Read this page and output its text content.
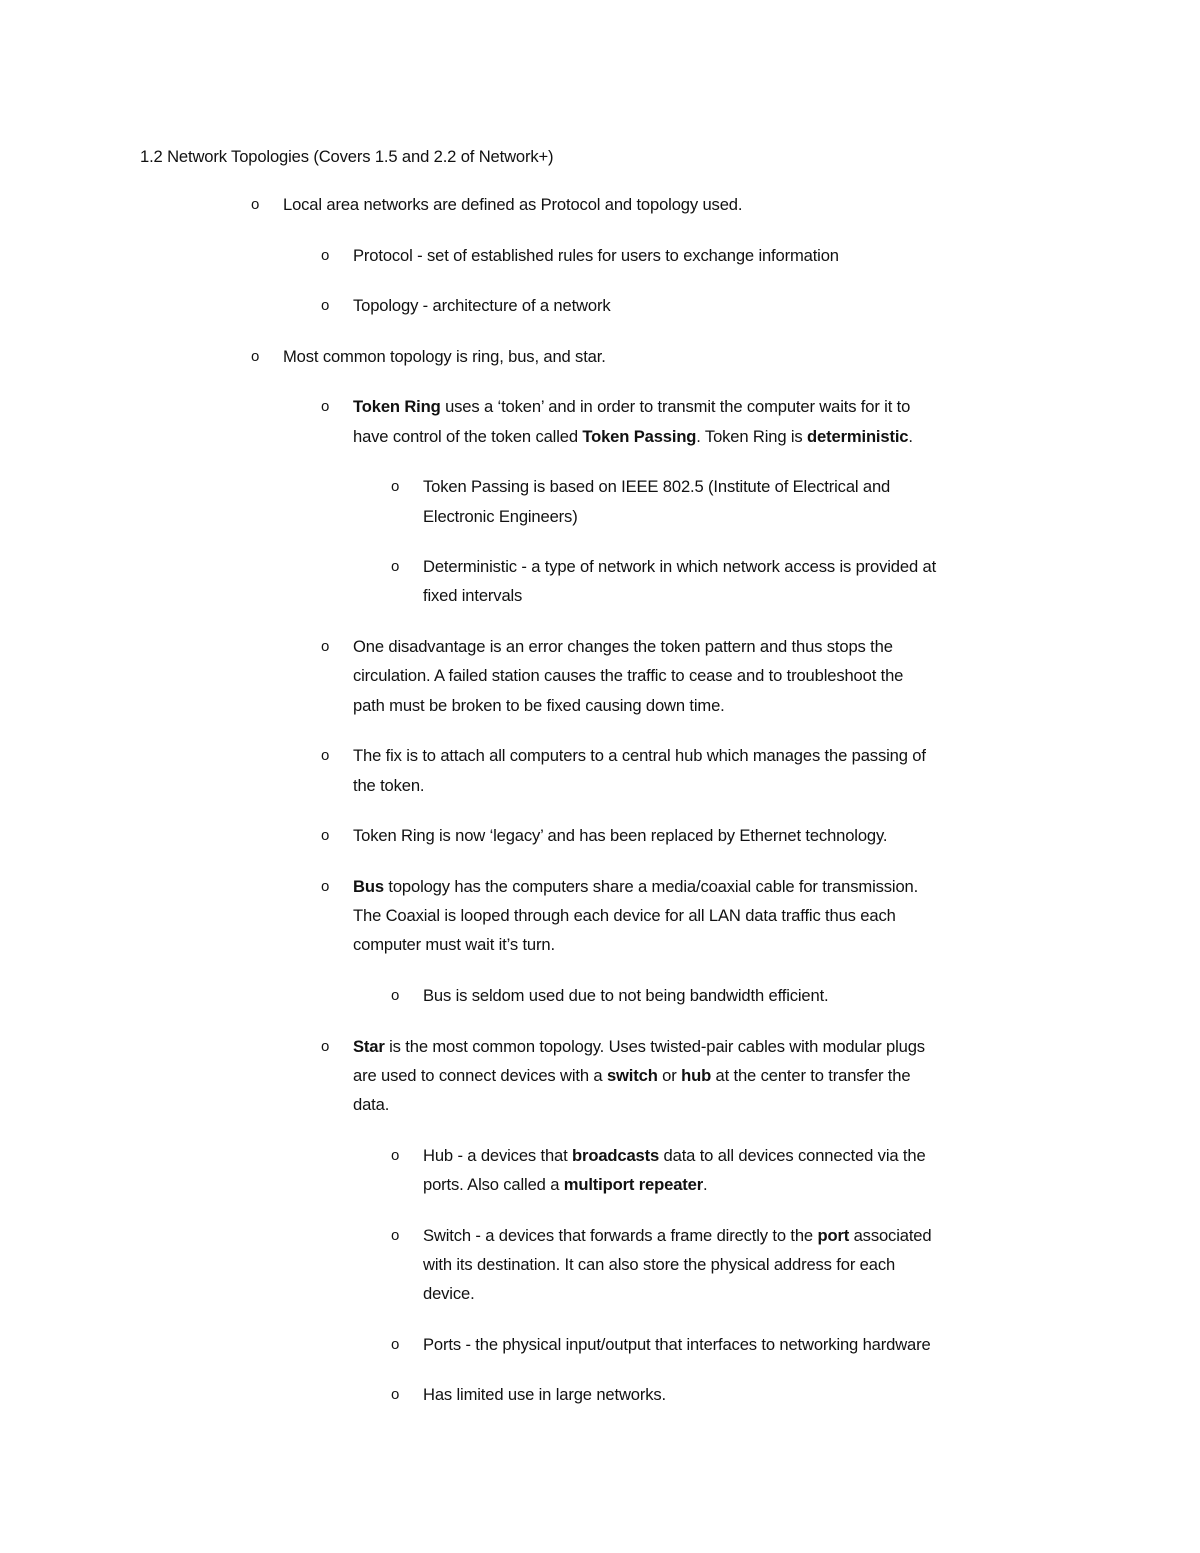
1.2 Network Topologies (Covers 1.5 and 2.2 of Network+)
o Local area networks are defined as Protocol and topology used.
o Protocol - set of established rules for users to exchange information
o Topology - architecture of a network
o Most common topology is ring, bus, and star.
o Token Ring uses a ‘token’ and in order to transmit the computer waits for it to
have control of the token called Token Passing. Token Ring is deterministic.
o Token Passing is based on IEEE 802.5 (Institute of Electrical and
Electronic Engineers)
o Deterministic - a type of network in which network access is provided at
fixed intervals
o One disadvantage is an error changes the token pattern and thus stops the
circulation. A failed station causes the traffic to cease and to troubleshoot the
path must be broken to be fixed causing down time.
o The fix is to attach all computers to a central hub which manages the passing of
the token.
o Token Ring is now ‘legacy’ and has been replaced by Ethernet technology.
o Bus topology has the computers share a media/coaxial cable for transmission.
The Coaxial is looped through each device for all LAN data traffic thus each
computer must wait it’s turn.
o Bus is seldom used due to not being bandwidth efficient.
o Star is the most common topology. Uses twisted-pair cables with modular plugs
are used to connect devices with a switch or hub at the center to transfer the
data.
o Hub - a devices that broadcasts data to all devices connected via the
ports. Also called a multiport repeater.
o Switch - a devices that forwards a frame directly to the port associated
with its destination. It can also store the physical address for each
device.
o Ports - the physical input/output that interfaces to networking hardware
o Has limited use in large networks.
